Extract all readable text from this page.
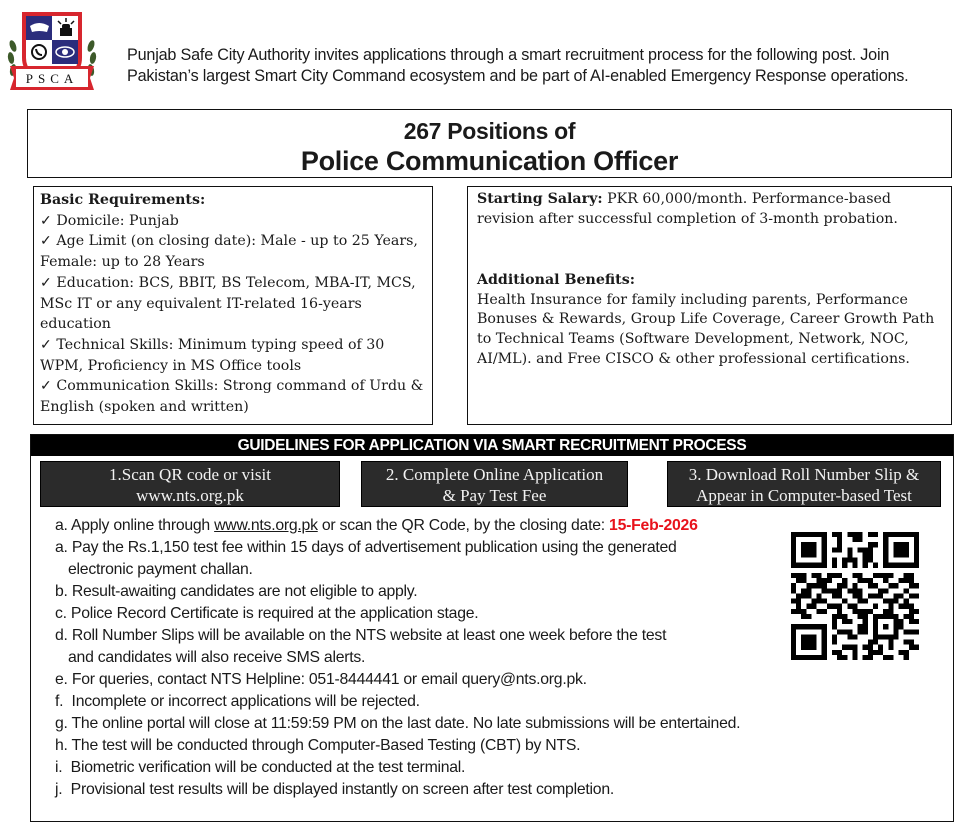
PSCA
Punjab Safe City Authority invites applications through a smart recruitment process for the following post. Join Pakistan’s largest Smart City Command ecosystem and be part of AI-enabled Emergency Response operations.
267 Positions of
Police Communication Officer
Basic Requirements:
✓ Domicile: Punjab
✓ Age Limit (on closing date): Male - up to 25 Years, Female: up to 28 Years
✓ Education: BCS, BBIT, BS Telecom, MBA-IT, MCS, MSc IT or any equivalent IT-related 16-years education
✓ Technical Skills: Minimum typing speed of 30 WPM, Proficiency in MS Office tools
✓ Communication Skills: Strong command of Urdu & English (spoken and written)
Starting Salary: PKR 60,000/month. Performance-based revision after successful completion of 3-month probation.
Additional Benefits:
Health Insurance for family including parents, Performance Bonuses & Rewards, Group Life Coverage, Career Growth Path to Technical Teams (Software Development, Network, NOC, AI/ML). and Free CISCO & other professional certifications.
GUIDELINES FOR APPLICATION VIA SMART RECRUITMENT PROCESS
1.Scan QR code or visit
www.nts.org.pk
2. Complete Online Application
& Pay Test Fee
3. Download Roll Number Slip &
Appear in Computer-based Test
a. Apply online through www.nts.org.pk or scan the QR Code, by the closing date: 15-Feb-2026
a. Pay the Rs.1,150 test fee within 15 days of advertisement publication using the generated
electronic payment challan.
b. Result-awaiting candidates are not eligible to apply.
c. Police Record Certificate is required at the application stage.
d. Roll Number Slips will be available on the NTS website at least one week before the test
and candidates will also receive SMS alerts.
e. For queries, contact NTS Helpline: 051-8444441 or email query@nts.org.pk.
f.  Incomplete or incorrect applications will be rejected.
g. The online portal will close at 11:59:59 PM on the last date. No late submissions will be entertained.
h. The test will be conducted through Computer-Based Testing (CBT) by NTS.
i.  Biometric verification will be conducted at the test terminal.
j.  Provisional test results will be displayed instantly on screen after test completion.
